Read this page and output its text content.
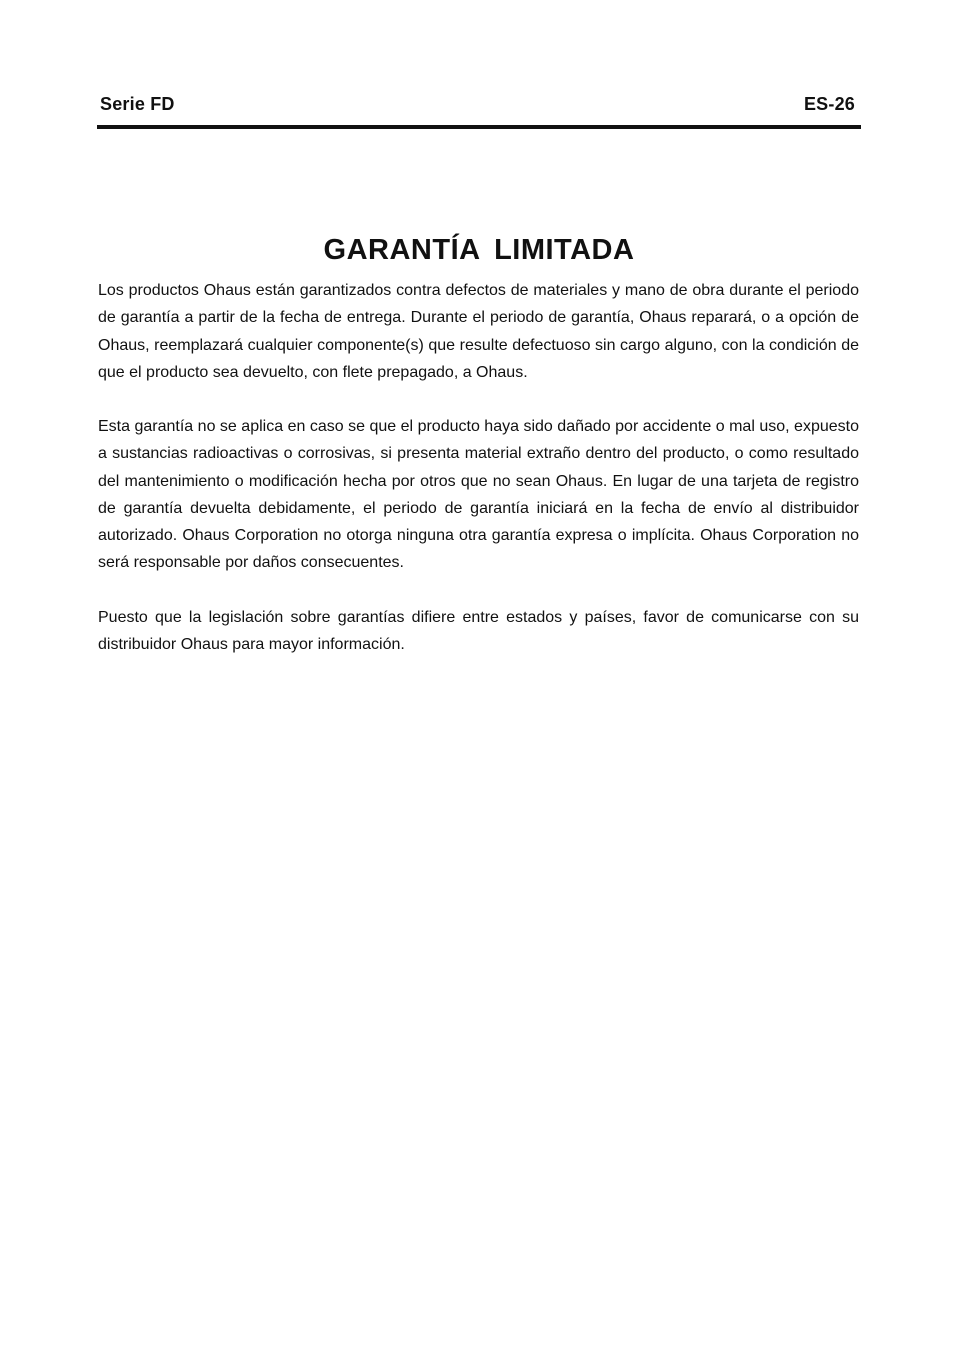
Serie FD	ES-26
GARANTÍA LIMITADA

Los productos Ohaus están garantizados contra defectos de materiales y mano de obra durante el periodo de garantía a partir de la fecha de entrega. Durante el periodo de garantía, Ohaus reparará, o a opción de Ohaus, reemplazará cualquier componente(s) que resulte defectuoso sin cargo alguno, con la condición de que el producto sea devuelto, con flete prepagado, a Ohaus.

Esta garantía no se aplica en caso se que el producto haya sido dañado por accidente o mal uso, expuesto a sustancias radioactivas o corrosivas, si presenta material extraño dentro del producto, o como resultado del mantenimiento o modificación hecha por otros que no sean Ohaus. En lugar de una tarjeta de registro de garantía devuelta debidamente, el periodo de garantía iniciará en la fecha de envío al distribuidor autorizado. Ohaus Corporation no otorga ninguna otra garantía expresa o implícita. Ohaus Corporation no será responsable por daños consecuentes.

Puesto que la legislación sobre garantías difiere entre estados y países, favor de comunicarse con su distribuidor Ohaus para mayor información.
